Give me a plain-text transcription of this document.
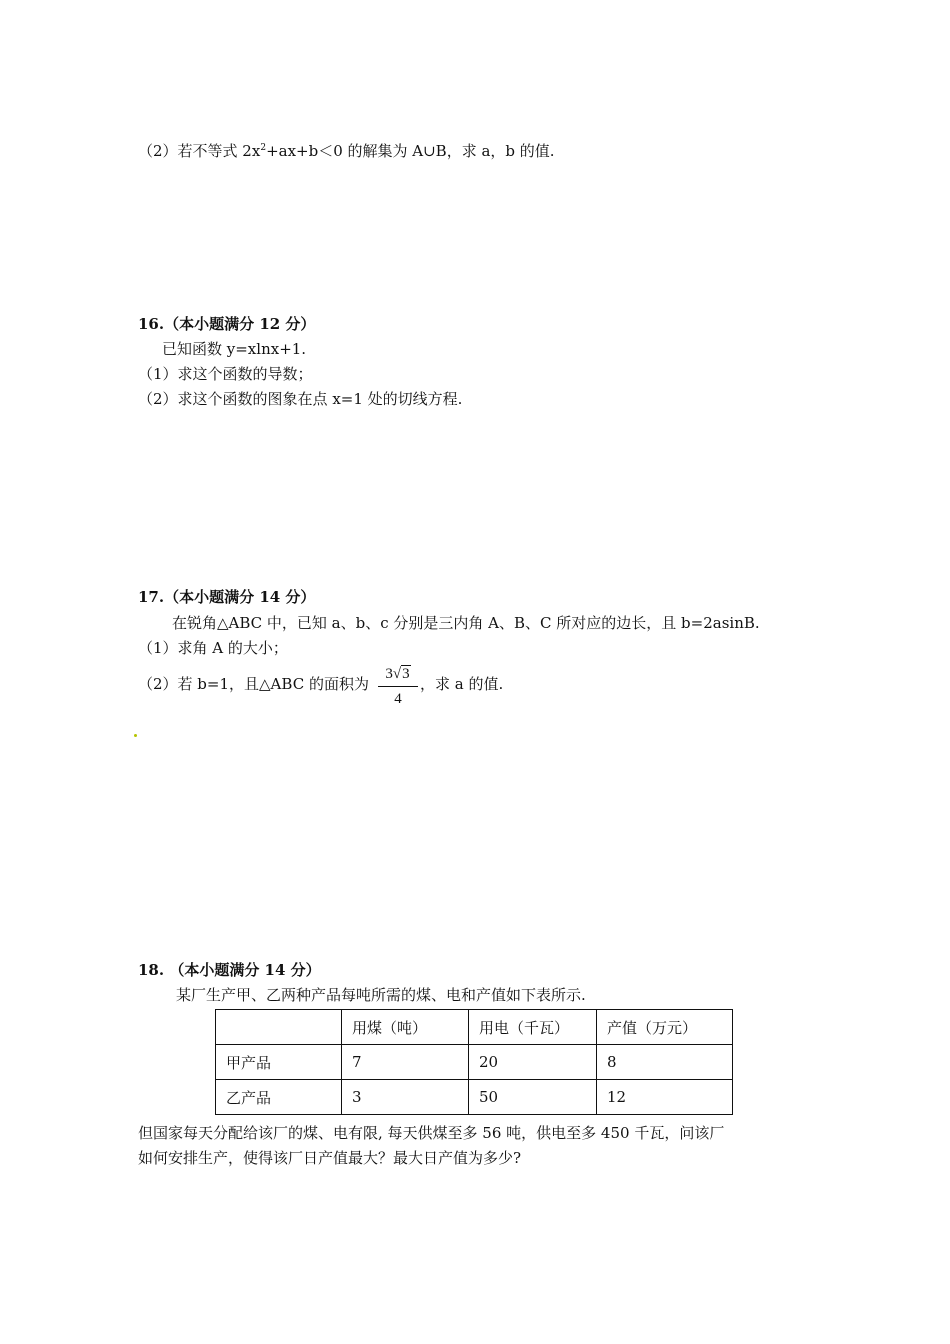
（2）若不等式 $2x^2+ax+b<0$ 的解集为 A∪B，求 a，b 的值.
16.（本小题满分 12 分）
已知函数 y=xlnx+1.
（1）求这个函数的导数；
（2）求这个函数的图象在点 x=1 处的切线方程.
17.（本小题满分 14 分）
在锐角△ABC 中，已知 a、b、c 分别是三内角 A、B、C 所对应的边长，且 b=2asinB.
（1）求角 A 的大小；
（2）若 b=1，且△ABC 的面积为 $\frac{3√3}{4}$ ，求 a 的值.
18. （本小题满分 14 分）
某厂生产甲、乙两种产品每吨所需的煤、电和产值如下表所示.
	用煤（吨）	用电（千瓦）	产值（万元）
甲产品	7	20	8
乙产品	3	50	12
但国家每天分配给该厂的煤、电有限, 每天供煤至多 56 吨，供电至多 450 千瓦，问该厂
如何安排生产，使得该厂日产值最大？最大日产值为多少?
